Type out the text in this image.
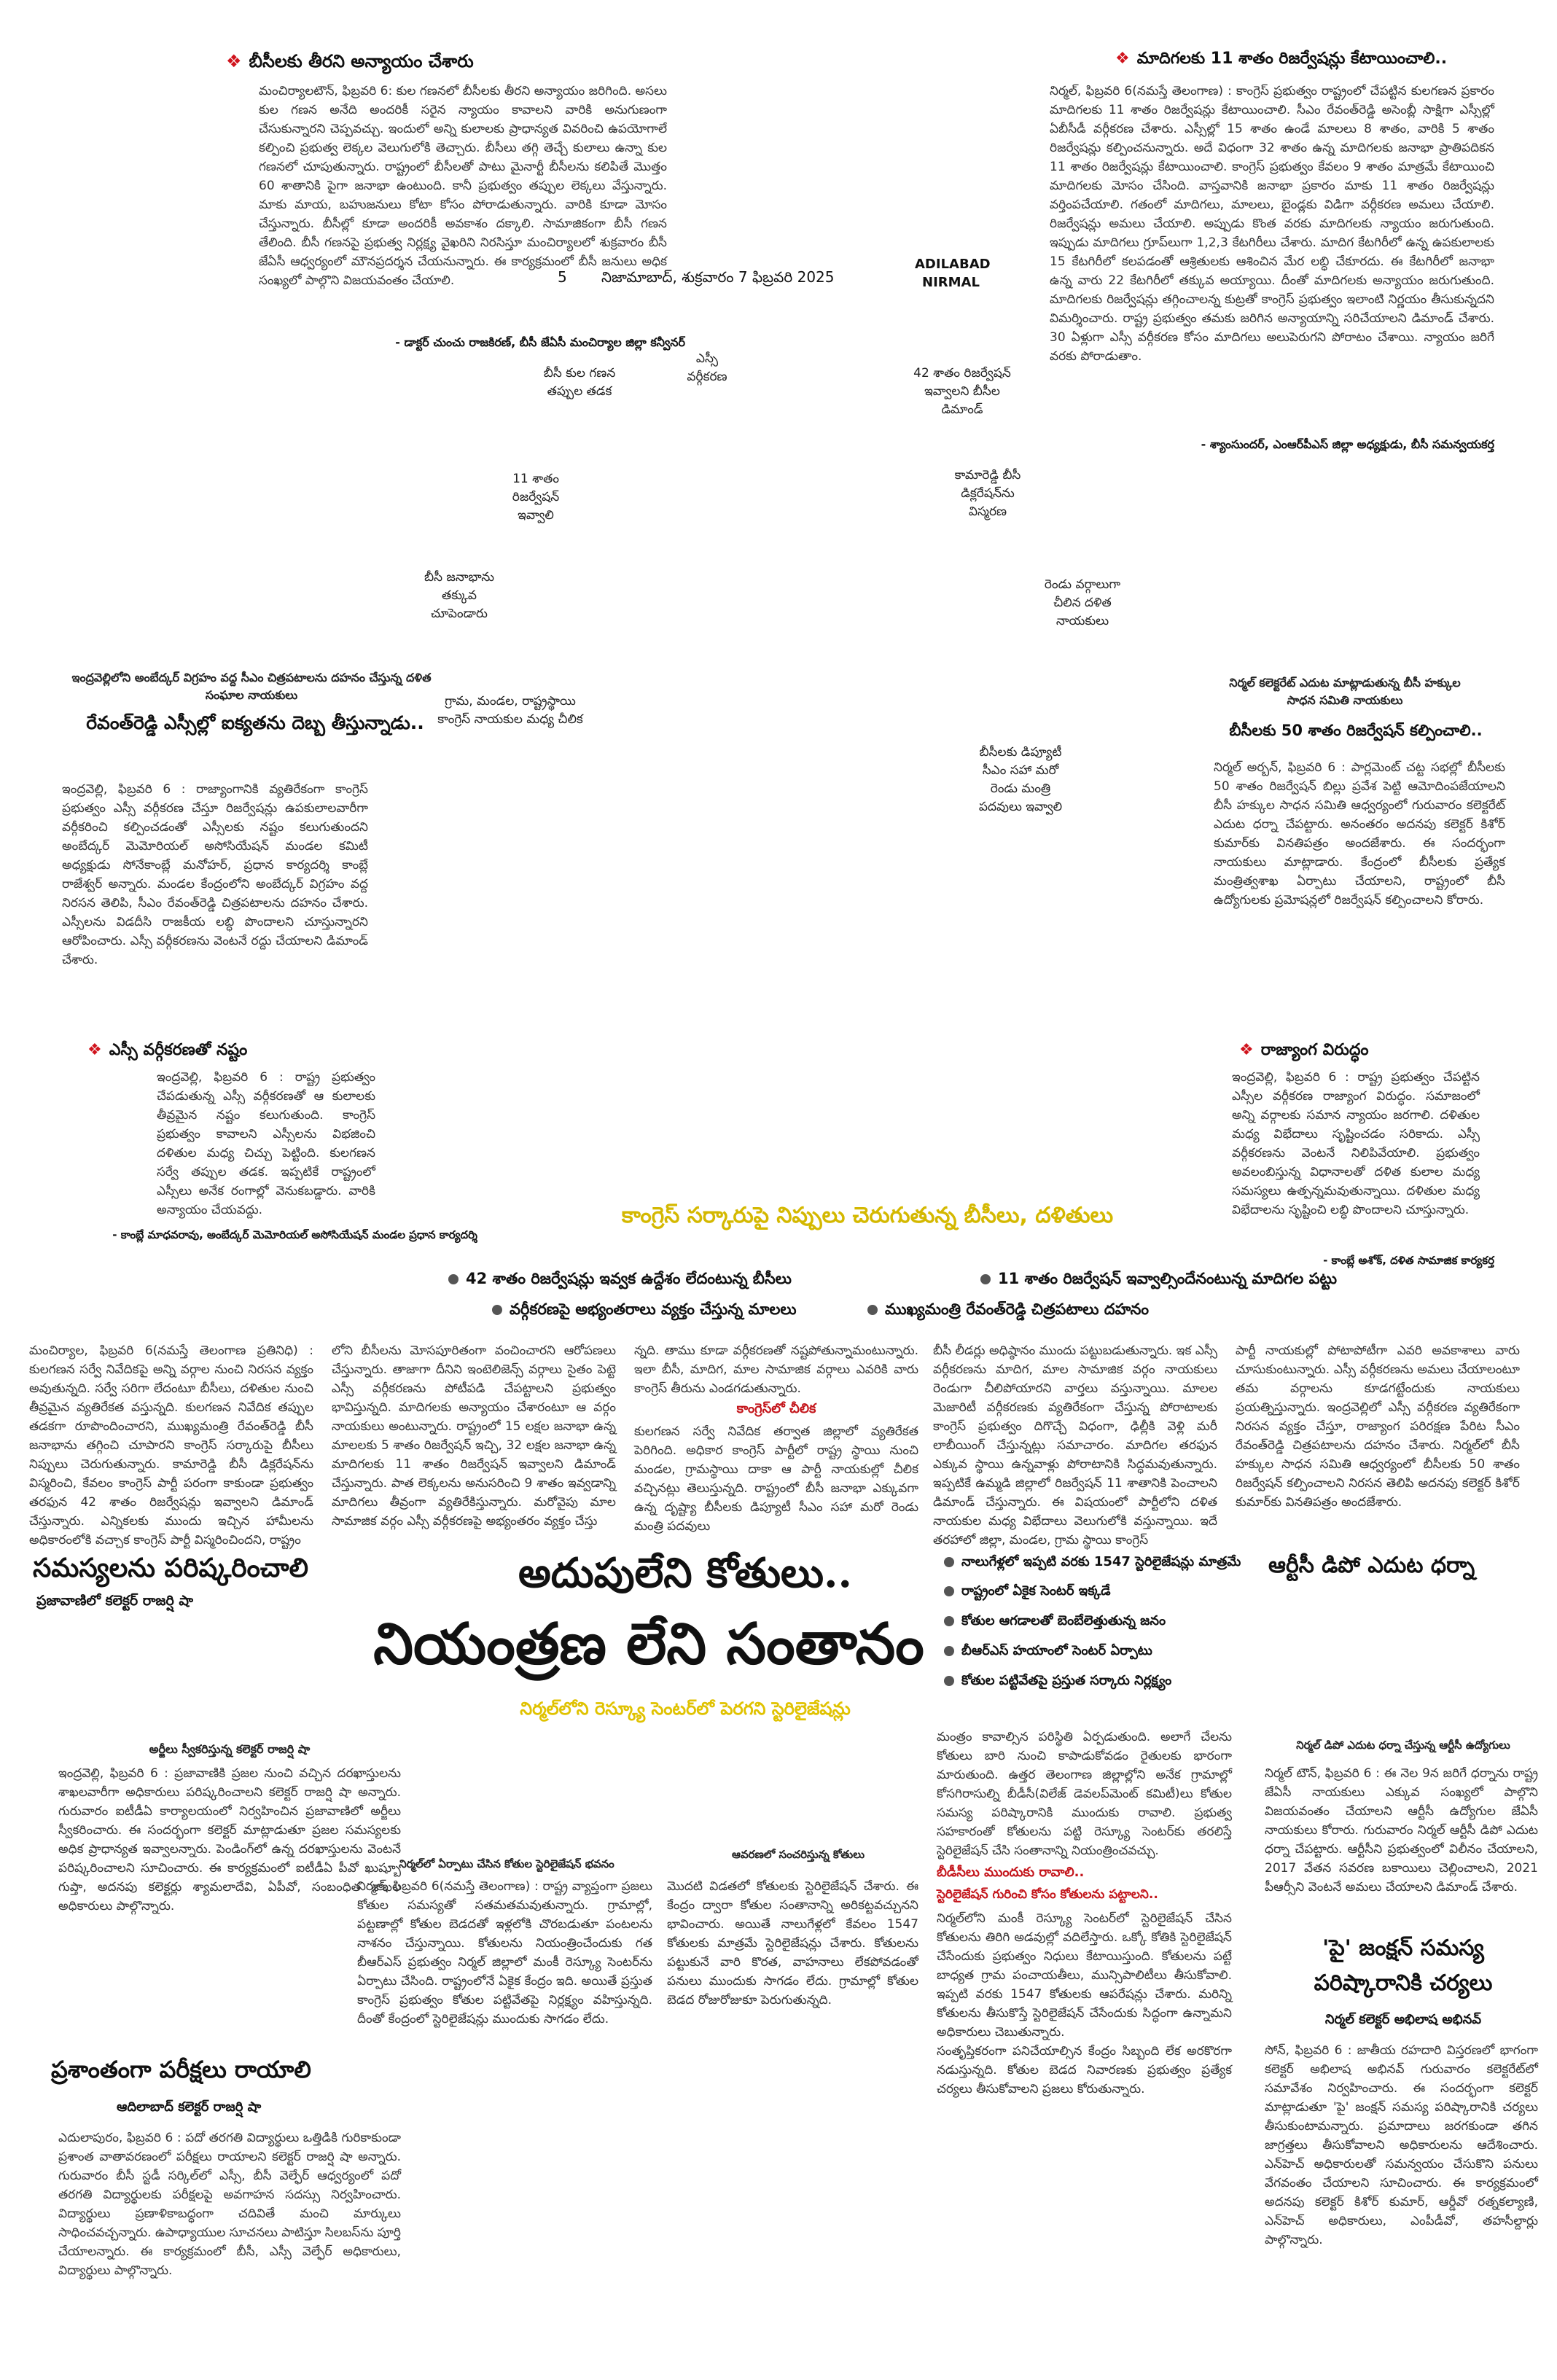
❖ బీసీలకు తీరని అన్యాయం చేశారు
మంచిర్యాలటౌన్, ఫిబ్రవరి 6: కుల గణనలో బీసీలకు తీరని అన్యాయం జరిగింది. అసలు కుల గణన అనేది అందరికీ సరైన న్యాయం కావాలని వారికి అనుగుణంగా చేసుకున్నారని చెప్పవచ్చు. ఇందులో అన్ని కులాలకు ప్రాధాన్యత వివరించి ఉపయోగాలే కల్పించి ప్రభుత్వ లెక్కల వెలుగులోకి తెచ్చారు. బీసీలు తగ్గి తెచ్చే కులాలు ఉన్నా కుల గణనలో చూపుతున్నారు. రాష్ట్రంలో బీసీలతో పాటు మైనార్టీ బీసీలను కలిపితే మొత్తం 60 శాతానికి పైగా జనాభా ఉంటుంది. కానీ ప్రభుత్వం తప్పుల లెక్కలు వేస్తున్నారు. మాకు మాయ, బహుజనులు కోటా కోసం పోరాడుతున్నారు. వారికి కూడా మోసం చేస్తున్నారు. బీసీల్లో కూడా అందరికీ అవకాశం దక్కాలి. సామాజికంగా బీసీ గణన తేలింది. బీసీ గణనపై ప్రభుత్వ నిర్లక్ష్య వైఖరిని నిరసిస్తూ మంచిర్యాలలో శుక్రవారం బీసీ జేఏసీ ఆధ్వర్యంలో మౌనప్రదర్శన చేయనున్నారు. ఈ కార్యక్రమంలో బీసీ జనులు అధిక సంఖ్యలో పాల్గొని విజయవంతం చేయాలి.
- డాక్టర్ చుంచు రాజకిరణ్, బీసీ జేఏసీ మంచిర్యాల జిల్లా కన్వీనర్
❖ మాదిగలకు 11 శాతం రిజర్వేషన్లు కేటాయించాలి..
నిర్మల్, ఫిబ్రవరి 6(నమస్తే తెలంగాణ) : కాంగ్రెస్ ప్రభుత్వం రాష్ట్రంలో చేపట్టిన కులగణన ప్రకారం మాదిగలకు 11 శాతం రిజర్వేషన్లు కేటాయించాలి. సీఎం రేవంత్‌రెడ్డి అసెంబ్లీ సాక్షిగా ఎస్సీల్లో ఏబీసీడీ వర్గీకరణ చేశారు. ఎస్సీల్లో 15 శాతం ఉండే మాలలు 8 శాతం, వారికి 5 శాతం రిజర్వేషన్లు కల్పించనున్నారు. అదే విధంగా 32 శాతం ఉన్న మాదిగలకు జనాభా ప్రాతిపదికన 11 శాతం రిజర్వేషన్లు కేటాయించాలి. కాంగ్రెస్ ప్రభుత్వం కేవలం 9 శాతం మాత్రమే కేటాయించి మాదిగలకు మోసం చేసింది. వాస్తవానికి జనాభా ప్రకారం మాకు 11 శాతం రిజర్వేషన్లు వర్తింపచేయాలి. గతంలో మాదిగలు, మాలలు, బైండ్లకు విడిగా వర్గీకరణ అమలు చేయాలి. రిజర్వేషన్లు అమలు చేయాలి. అప్పుడు కొంత వరకు మాదిగలకు న్యాయం జరుగుతుంది. ఇప్పుడు మాదిగలు గ్రూప్‌లుగా 1,2,3 కేటగిరీలు చేశారు. మాదిగ కేటగిరీలో ఉన్న ఉపకులాలకు 15 కేటగిరీలో కలపడంతో ఆశ్రితులకు ఆశించిన మేర లబ్ధి చేకూరదు. ఈ కేటగిరీలో జనాభా ఉన్న వారు 22 కేటగిరీలో తక్కువ అయ్యాయి. దీంతో మాదిగలకు అన్యాయం జరుగుతుంది. మాదిగలకు రిజర్వేషన్లు తగ్గించాలన్న కుట్రతో కాంగ్రెస్ ప్రభుత్వం ఇలాంటి నిర్ణయం తీసుకున్నదని విమర్శించారు. రాష్ట్ర ప్రభుత్వం తమకు జరిగిన అన్యాయాన్ని సరిచేయాలని డిమాండ్ చేశారు. 30 ఏళ్లుగా ఎస్సీ వర్గీకరణ కోసం మాదిగలు అలుపెరుగని పోరాటం చేశాయి. న్యాయం జరిగే వరకు పోరాడుతాం.
- శ్యాంసుందర్, ఎంఆర్‌పీఎస్ జిల్లా అధ్యక్షుడు, బీసీ సమన్వయకర్త
5 నిజామాబాద్, శుక్రవారం 7 ఫిబ్రవరి 2025
ADILABAD
NIRMAL
ఎస్సీ వర్గీకరణ
బీసీ కుల గణన తప్పుల తడక
42 శాతం రిజర్వేషన్ ఇవ్వాలని బీసీల డిమాండ్
11 శాతం రిజర్వేషన్ ఇవ్వాలి
కామారెడ్డి బీసీ డిక్లరేషన్‌ను విస్మరణ
బీసీ జనాభాను తక్కువ చూపెండారు
రెండు వర్గాలుగా చీలిన దళిత నాయకులు
గ్రామ, మండల, రాష్ట్రస్థాయి కాంగ్రెస్ నాయకుల మధ్య చీలిక
బీసీలకు డిప్యూటీ సీఎం సహా మరో రెండు మంత్రి పదవులు ఇవ్వాలి
ఇంద్రవెల్లిలోని అంబేద్కర్ విగ్రహం వద్ద సీఎం చిత్రపటాలను దహనం చేస్తున్న దళిత సంఘాల నాయకులు
రేవంత్‌రెడ్డి ఎస్సీల్లో ఐక్యతను దెబ్బ తీస్తున్నాడు..
ఇంద్రవెల్లి, ఫిబ్రవరి 6 : రాజ్యాంగానికి వ్యతిరేకంగా కాంగ్రెస్ ప్రభుత్వం ఎస్సీ వర్గీకరణ చేస్తూ రిజర్వేషన్లు ఉపకులాలవారీగా వర్గీకరించి కల్పించడంతో ఎస్సీలకు నష్టం కలుగుతుందని అంబేద్కర్ మెమోరియల్ అసోసియేషన్ మండల కమిటీ అధ్యక్షుడు సోనేకాంబ్లే మనోహర్, ప్రధాన కార్యదర్శి కాంబ్లే రాజేశ్వర్ అన్నారు. మండల కేంద్రంలోని అంబేద్కర్ విగ్రహం వద్ద నిరసన తెలిపి, సీఎం రేవంత్‌రెడ్డి చిత్రపటాలను దహనం చేశారు. ఎస్సీలను విడదీసి రాజకీయ లబ్ధి పొందాలని చూస్తున్నారని ఆరోపించారు. ఎస్సీ వర్గీకరణను వెంటనే రద్దు చేయాలని డిమాండ్ చేశారు.
❖ ఎస్సీ వర్గీకరణతో నష్టం
ఇంద్రవెల్లి, ఫిబ్రవరి 6 : రాష్ట్ర ప్రభుత్వం చేపడుతున్న ఎస్సీ వర్గీకరణతో ఆ కులాలకు తీవ్రమైన నష్టం కలుగుతుంది. కాంగ్రెస్ ప్రభుత్వం కావాలని ఎస్సీలను విభజించి దళితుల మధ్య చిచ్చు పెట్టింది. కులగణన సర్వే తప్పుల తడక. ఇప్పటికే రాష్ట్రంలో ఎస్సీలు అనేక రంగాల్లో వెనుకబడ్డారు. వారికి అన్యాయం చేయవద్దు.
- కాంబ్లే మాధవరావు, అంబేద్కర్ మెమోరియల్ అసోసియేషన్ మండల ప్రధాన కార్యదర్శి
నిర్మల్ కలెక్టరేట్ ఎదుట మాట్లాడుతున్న బీసీ హక్కుల సాధన సమితి నాయకులు
బీసీలకు 50 శాతం రిజర్వేషన్ కల్పించాలి..
నిర్మల్ అర్బన్, ఫిబ్రవరి 6 : పార్లమెంట్ చట్ట సభల్లో బీసీలకు 50 శాతం రిజర్వేషన్ బిల్లు ప్రవేశ పెట్టి ఆమోదింపజేయాలని బీసీ హక్కుల సాధన సమితి ఆధ్వర్యంలో గురువారం కలెక్టరేట్ ఎదుట ధర్నా చేపట్టారు. అనంతరం అదనపు కలెక్టర్ కిశోర్ కుమార్‌కు వినతిపత్రం అందజేశారు. ఈ సందర్భంగా నాయకులు మాట్లాడారు. కేంద్రంలో బీసీలకు ప్రత్యేక మంత్రిత్వశాఖ ఏర్పాటు చేయాలని, రాష్ట్రంలో బీసీ ఉద్యోగులకు ప్రమోషన్లలో రిజర్వేషన్ కల్పించాలని కోరారు.
❖ రాజ్యాంగ విరుద్ధం
ఇంద్రవెల్లి, ఫిబ్రవరి 6 : రాష్ట్ర ప్రభుత్వం చేపట్టిన ఎస్సీల వర్గీకరణ రాజ్యాంగ విరుద్ధం. సమాజంలో అన్ని వర్గాలకు సమాన న్యాయం జరగాలి. దళితుల మధ్య విభేదాలు సృష్టించడం సరికాదు. ఎస్సీ వర్గీకరణను వెంటనే నిలిపివేయాలి. ప్రభుత్వం అవలంబిస్తున్న విధానాలతో దళిత కులాల మధ్య సమస్యలు ఉత్పన్నమవుతున్నాయి. దళితుల మధ్య విభేదాలను సృష్టించి లబ్ధి పొందాలని చూస్తున్నారు.
- కాంబ్లే అశోక్, దళిత సామాజిక కార్యకర్త
కాంగ్రెస్ సర్కారుపై నిప్పులు చెరుగుతున్న బీసీలు, దళితులు
42 శాతం రిజర్వేషన్లు ఇవ్వక ఉద్దేశం లేదంటున్న బీసీలు	11 శాతం రిజర్వేషన్ ఇవ్వాల్సిందేనంటున్న మాదిగల పట్టు
వర్గీకరణపై అభ్యంతరాలు వ్యక్తం చేస్తున్న మాలలు	ముఖ్యమంత్రి రేవంత్‌రెడ్డి చిత్రపటాలు దహనం
మంచిర్యాల, ఫిబ్రవరి 6(నమస్తే తెలంగాణ ప్రతినిధి) : కులగణన సర్వే నివేదికపై అన్ని వర్గాల నుంచి నిరసన వ్యక్తం అవుతున్నది. సర్వే సరిగా లేదంటూ బీసీలు, దళితుల నుంచి తీవ్రమైన వ్యతిరేకత వస్తున్నది. కులగణన నివేదిక తప్పుల తడకగా రూపొందించారని, ముఖ్యమంత్రి రేవంత్‌రెడ్డి బీసీ జనాభాను తగ్గించి చూపారని కాంగ్రెస్ సర్కారుపై బీసీలు నిప్పులు చెరుగుతున్నారు. కామారెడ్డి బీసీ డిక్లరేషన్‌ను విస్మరించి, కేవలం కాంగ్రెస్ పార్టీ పరంగా కాకుండా ప్రభుత్వం తరఫున 42 శాతం రిజర్వేషన్లు ఇవ్వాలని డిమాండ్ చేస్తున్నారు. ఎన్నికలకు ముందు ఇచ్చిన హామీలను అధికారంలోకి వచ్చాక కాంగ్రెస్ పార్టీ విస్మరించిందని, రాష్ట్రం
లోని బీసీలను మోసపూరితంగా వంచించారని ఆరోపణలు చేస్తున్నారు. తాజాగా దీనిని ఇంటెలిజెన్స్ వర్గాలు సైతం పెట్టె ఎస్సీ వర్గీకరణను పోటీపడి చేపట్టాలని ప్రభుత్వం భావిస్తున్నది. మాదిగలకు అన్యాయం చేశారంటూ ఆ వర్గం నాయకులు అంటున్నారు. రాష్ట్రంలో 15 లక్షల జనాభా ఉన్న మాలలకు 5 శాతం రిజర్వేషన్ ఇచ్చి, 32 లక్షల జనాభా ఉన్న మాదిగలకు 11 శాతం రిజర్వేషన్ ఇవ్వాలని డిమాండ్ చేస్తున్నారు. పాత లెక్కలను అనుసరించి 9 శాతం ఇవ్వడాన్ని మాదిగలు తీవ్రంగా వ్యతిరేకిస్తున్నారు. మరోవైపు మాల సామాజిక వర్గం ఎస్సీ వర్గీకరణపై అభ్యంతరం వ్యక్తం చేస్తు
న్నది. తాము కూడా వర్గీకరణతో నష్టపోతున్నామంటున్నారు. ఇలా బీసీ, మాదిగ, మాల సామాజిక వర్గాలు ఎవరికి వారు కాంగ్రెస్ తీరును ఎండగడుతున్నారు.
కాంగ్రెస్‌లో చీలిక
కులగణన సర్వే నివేదిక తర్వాత జిల్లాలో వ్యతిరేకత పెరిగింది. అధికార కాంగ్రెస్ పార్టీలో రాష్ట్ర స్థాయి నుంచి మండల, గ్రామస్థాయి దాకా ఆ పార్టీ నాయకుల్లో చీలిక వచ్చినట్లు తెలుస్తున్నది. రాష్ట్రంలో బీసీ జనాభా ఎక్కువగా ఉన్న దృష్ట్యా బీసీలకు డిప్యూటీ సీఎం సహా మరో రెండు మంత్రి పదవులు
బీసీ లీడర్లు అధిష్ఠానం ముందు పట్టుబడుతున్నారు. ఇక ఎస్సీ వర్గీకరణను మాదిగ, మాల సామాజిక వర్గం నాయకులు రెండుగా చీలిపోయారని వార్తలు వస్తున్నాయి. మాలల మెజారిటీ వర్గీకరణకు వ్యతిరేకంగా చేస్తున్న పోరాటాలకు కాంగ్రెస్ ప్రభుత్వం దిగొచ్చే విధంగా, ఢిల్లీకి వెళ్లి మరీ లాబీయింగ్ చేస్తున్నట్లు సమాచారం. మాదిగల తరఫున ఎక్కువ స్థాయి ఉన్నవాళ్లు పోరాటానికి సిద్ధమవుతున్నారు. ఇప్పటికే ఉమ్మడి జిల్లాలో రిజర్వేషన్ 11 శాతానికి పెంచాలని డిమాండ్ చేస్తున్నారు. ఈ విషయంలో పార్టీలోని దళిత నాయకుల మధ్య విభేదాలు వెలుగులోకి వస్తున్నాయి. ఇదే తరహాలో జిల్లా, మండల, గ్రామ స్థాయి కాంగ్రెస్
పార్టీ నాయకుల్లో పోటాపోటీగా ఎవరి అవకాశాలు వారు చూసుకుంటున్నారు. ఎస్సీ వర్గీకరణను అమలు చేయాలంటూ తమ వర్గాలను కూడగట్టేందుకు నాయకులు ప్రయత్నిస్తున్నారు. ఇంద్రవెల్లిలో ఎస్సీ వర్గీకరణ వ్యతిరేకంగా నిరసన వ్యక్తం చేస్తూ, రాజ్యాంగ పరిరక్షణ పేరిట సీఎం రేవంత్‌రెడ్డి చిత్రపటాలను దహనం చేశారు. నిర్మల్‌లో బీసీ హక్కుల సాధన సమితి ఆధ్వర్యంలో బీసీలకు 50 శాతం రిజర్వేషన్ కల్పించాలని నిరసన తెలిపి అదనపు కలెక్టర్ కిశోర్ కుమార్‌కు వినతిపత్రం అందజేశారు.
సమస్యలను పరిష్కరించాలి
ప్రజావాణిలో కలెక్టర్ రాజర్షి షా
అర్జీలు స్వీకరిస్తున్న కలెక్టర్ రాజర్షి షా
ఇంద్రవెల్లి, ఫిబ్రవరి 6 : ప్రజావాణికి ప్రజల నుంచి వచ్చిన దరఖాస్తులను శాఖలవారీగా అధికారులు పరిష్కరించాలని కలెక్టర్ రాజర్షి షా అన్నారు. గురువారం ఐటీడీఏ కార్యాలయంలో నిర్వహించిన ప్రజావాణిలో అర్జీలు స్వీకరించారు. ఈ సందర్భంగా కలెక్టర్ మాట్లాడుతూ ప్రజల సమస్యలకు అధిక ప్రాధాన్యత ఇవ్వాలన్నారు. పెండింగ్‌లో ఉన్న దరఖాస్తులను వెంటనే పరిష్కరించాలని సూచించారు. ఈ కార్యక్రమంలో ఐటీడీఏ పీవో ఖుష్బూ గుప్తా, అదనపు కలెక్టర్లు శ్యామలాదేవి, ఏపీవో, సంబంధిత శాఖల అధికారులు పాల్గొన్నారు.
ప్రశాంతంగా పరీక్షలు రాయాలి
ఆదిలాబాద్ కలెక్టర్ రాజర్షి షా
ఎదులాపురం, ఫిబ్రవరి 6 : పదో తరగతి విద్యార్థులు ఒత్తిడికి గురికాకుండా ప్రశాంత వాతావరణంలో పరీక్షలు రాయాలని కలెక్టర్ రాజర్షి షా అన్నారు. గురువారం బీసీ స్టడీ సర్కిల్‌లో ఎస్సీ, బీసీ వెల్ఫేర్ ఆధ్వర్యంలో పదో తరగతి విద్యార్థులకు పరీక్షలపై అవగాహన సదస్సు నిర్వహించారు. విద్యార్థులు ప్రణాళికాబద్ధంగా చదివితే మంచి మార్కులు సాధించవచ్చన్నారు. ఉపాధ్యాయుల సూచనలు పాటిస్తూ సిలబస్‌ను పూర్తి చేయాలన్నారు. ఈ కార్యక్రమంలో బీసీ, ఎస్సీ వెల్ఫేర్ అధికారులు, విద్యార్థులు పాల్గొన్నారు.
అదుపులేని కోతులు..
నియంత్రణ లేని సంతానం
నిర్మల్‌లోని రెస్క్యూ సెంటర్‌లో పెరగని స్టెరిలైజేషన్లు
నాలుగేళ్లలో ఇప్పటి వరకు 1547 స్టెరిలైజేషన్లు మాత్రమే
రాష్ట్రంలో ఏకైక సెంటర్ ఇక్కడే
కోతుల ఆగడాలతో బెంబేలెత్తుతున్న జనం
బీఆర్ఎస్ హయాంలో సెంటర్ ఏర్పాటు
కోతుల పట్టివేతపై ప్రస్తుత సర్కారు నిర్లక్ష్యం
నిర్మల్‌లో ఏర్పాటు చేసిన కోతుల స్టెరిలైజేషన్ భవనం
ఆవరణలో సంచరిస్తున్న కోతులు
నిర్మల్, ఫిబ్రవరి 6(నమస్తే తెలంగాణ) : రాష్ట్ర వ్యాప్తంగా ప్రజలు కోతుల సమస్యతో సతమతమవుతున్నారు. గ్రామాల్లో, పట్టణాల్లో కోతుల బెడదతో ఇళ్లలోకి చొరబడుతూ పంటలను నాశనం చేస్తున్నాయి. కోతులను నియంత్రించేందుకు గత బీఆర్ఎస్ ప్రభుత్వం నిర్మల్ జిల్లాలో మంకీ రెస్క్యూ సెంటర్‌ను ఏర్పాటు చేసింది. రాష్ట్రంలోనే ఏకైక కేంద్రం ఇది. అయితే ప్రస్తుత కాంగ్రెస్ ప్రభుత్వం కోతుల పట్టివేతపై నిర్లక్ష్యం వహిస్తున్నది. దీంతో కేంద్రంలో స్టెరిలైజేషన్లు ముందుకు సాగడం లేదు.
మొదటి విడతలో కోతులకు స్టెరిలైజేషన్ చేశారు. ఈ కేంద్రం ద్వారా కోతుల సంతానాన్ని అరికట్టవచ్చునని భావించారు. అయితే నాలుగేళ్లలో కేవలం 1547 కోతులకు మాత్రమే స్టెరిలైజేషన్లు చేశారు. కోతులను పట్టుకునే వారి కొరత, వాహనాలు లేకపోవడంతో పనులు ముందుకు సాగడం లేదు. గ్రామాల్లో కోతుల బెడద రోజురోజుకూ పెరుగుతున్నది.
మంత్రం కావాల్సిన పరిస్థితి ఏర్పడుతుంది. అలాగే చేలను కోతులు బారి నుంచి కాపాడుకోవడం రైతులకు భారంగా మారుతుంది. ఉత్తర తెలంగాణ జిల్లాల్లోని అనేక గ్రామాల్లో కోసగిరాసుల్ని బీడీసీ(విలేజ్ డెవలప్‌మెంట్ కమిటీ)లు కోతుల సమస్య పరిష్కారానికి ముందుకు రావాలి. ప్రభుత్వ సహకారంతో కోతులను పట్టి రెస్క్యూ సెంటర్‌కు తరలిస్తే స్టెరిలైజేషన్ చేసి సంతానాన్ని నియంత్రించవచ్చు.
బీడీసీలు ముందుకు రావాలి..
స్టెరిలైజేషన్ గురించి కోసం కోతులను పట్టాలని..
నిర్మల్‌లోని మంకీ రెస్క్యూ సెంటర్‌లో స్టెరిలైజేషన్ చేసిన కోతులను తిరిగి అడవుల్లో వదిలేస్తారు. ఒక్కో కోతికి స్టెరిలైజేషన్ చేసేందుకు ప్రభుత్వం నిధులు కేటాయిస్తుంది. కోతులను పట్టే బాధ్యత గ్రామ పంచాయతీలు, మున్సిపాలిటీలు తీసుకోవాలి. ఇప్పటి వరకు 1547 కోతులకు ఆపరేషన్లు చేశారు. మరిన్ని కోతులను తీసుకొస్తే స్టెరిలైజేషన్ చేసేందుకు సిద్ధంగా ఉన్నామని అధికారులు చెబుతున్నారు.
సంతృప్తికరంగా పనిచేయాల్సిన కేంద్రం సిబ్బంది లేక అరకొరగా నడుస్తున్నది. కోతుల బెడద నివారణకు ప్రభుత్వం ప్రత్యేక చర్యలు తీసుకోవాలని ప్రజలు కోరుతున్నారు.
ఆర్టీసీ డిపో ఎదుట ధర్నా
నిర్మల్ డిపో ఎదుట ధర్నా చేస్తున్న ఆర్టీసీ ఉద్యోగులు
నిర్మల్ టౌన్, ఫిబ్రవరి 6 : ఈ నెల 9న జరిగే ధర్నాను రాష్ట్ర జేఏసీ నాయకులు ఎక్కువ సంఖ్యలో పాల్గొని విజయవంతం చేయాలని ఆర్టీసీ ఉద్యోగుల జేఏసీ నాయకులు కోరారు. గురువారం నిర్మల్ ఆర్టీసీ డిపో ఎదుట ధర్నా చేపట్టారు. ఆర్టీసీని ప్రభుత్వంలో విలీనం చేయాలని, 2017 వేతన సవరణ బకాయిలు చెల్లించాలని, 2021 పీఆర్సీని వెంటనే అమలు చేయాలని డిమాండ్ చేశారు.
'పై' జంక్షన్ సమస్య
పరిష్కారానికి చర్యలు
నిర్మల్ కలెక్టర్ అభిలాష అభినవ్
సోన్, ఫిబ్రవరి 6 : జాతీయ రహదారి విస్తరణలో భాగంగా కలెక్టర్ అభిలాష అభినవ్ గురువారం కలెక్టరేట్‌లో సమావేశం నిర్వహించారు. ఈ సందర్భంగా కలెక్టర్ మాట్లాడుతూ 'పై' జంక్షన్ సమస్య పరిష్కారానికి చర్యలు తీసుకుంటామన్నారు. ప్రమాదాలు జరగకుండా తగిన జాగ్రత్తలు తీసుకోవాలని అధికారులను ఆదేశించారు. ఎన్‌హెచ్ అధికారులతో సమన్వయం చేసుకొని పనులు వేగవంతం చేయాలని సూచించారు. ఈ కార్యక్రమంలో అదనపు కలెక్టర్ కిశోర్ కుమార్, ఆర్డీవో రత్నకల్యాణి, ఎన్‌హెచ్ అధికారులు, ఎంపీడీవో, తహసీల్దార్లు పాల్గొన్నారు.
